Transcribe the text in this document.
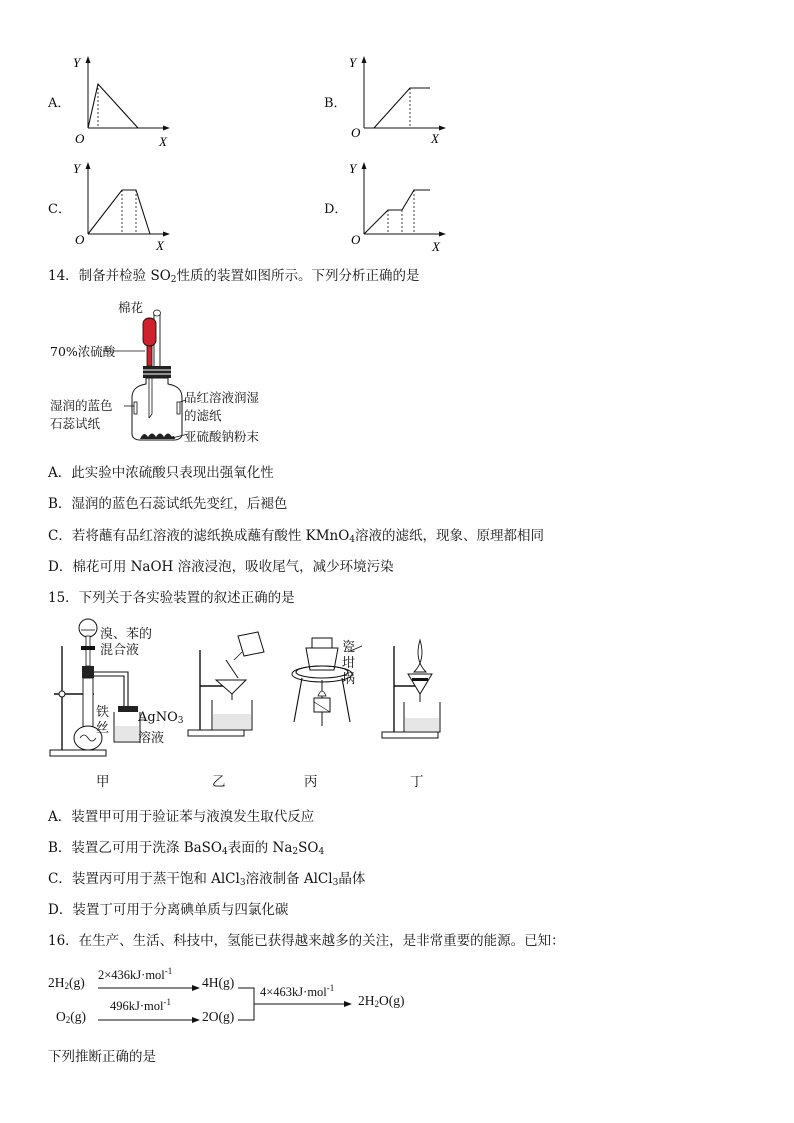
A．
Y
O	X
B．
Y
O	X
C．
Y
O	X
D．
Y
O	X
14．制备并检验 $SO_2$性质的装置如图所示。下列分析正确的是
棉花
70%浓硫酸
湿润的蓝色
石蕊试纸
品红溶液润湿
的滤纸
亚硫酸钠粉末
A．此实验中浓硫酸只表现出强氧化性
B．湿润的蓝色石蕊试纸先变红，后褪色
C．若将蘸有品红溶液的滤纸换成蘸有酸性 KMnO$_4$溶液的滤纸，现象、原理都相同
D．棉花可用 NaOH 溶液浸泡，吸收尾气，减少环境污染
15．下列关于各实验装置的叙述正确的是
溴、苯的
混合液
铁
丝
AgNO$_3$
溶液
瓷
坩
埚
甲	乙	丙	丁
A．装置甲可用于验证苯与液溴发生取代反应
B．装置乙可用于洗涤 BaSO$_4$表面的 $Na_2SO_4$
C．装置丙可用于蒸干饱和 AlCl$_3$溶液制备 AlCl$_3$晶体
D．装置丁可用于分离碘单质与四氯化碳
16．在生产、生活、科技中，氢能已获得越来越多的关注，是非常重要的能源。已知：
$2H_2(g)$ 2×436kJ·mol$^{-1}$
4H(g)
$O_2(g)$
496kJ·mol$^{-1}$
2O(g)
4×463kJ·mol$^{-1}$
$2H_2O(g)$
下列推断正确的是
